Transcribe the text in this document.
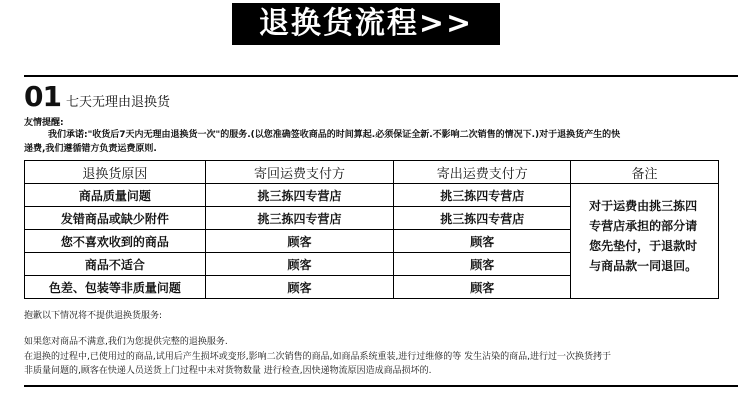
退换货流程>>
01 七天无理由退换货
友情提醒:
我们承诺:"收货后7天内无理由退换货一次"的服务.(以您准确签收商品的时间算起.必须保证全新.不影响二次销售的情况下.)对于退换货产生的快
递费,我们遵循错方负责运费原则.
退换货原因	寄回运费支付方	寄出运费支付方	备注
商品质量问题	挑三拣四专营店	挑三拣四专营店	对于运费由挑三拣四专营店承担的部分请您先垫付，于退款时与商品款一同退回。
发错商品或缺少附件	挑三拣四专营店	挑三拣四专营店	
您不喜欢收到的商品	顾客	顾客	
商品不适合	顾客	顾客	
色差、包装等非质量问题	顾客	顾客	
抱歉以下情况将不提供退换货服务:
如果您对商品不满意,我们为您提供完整的退换服务.
在退换的过程中,已使用过的商品,试用后产生损坏或变形,影响二次销售的商品,如商品系统重装,进行过维修的等 发生沾染的商品,进行过一次换货拷于
非质量问题的,顾客在快递人员送货上门过程中未对货物数量 进行检查,因快递物流原因造成商品损坏的.
